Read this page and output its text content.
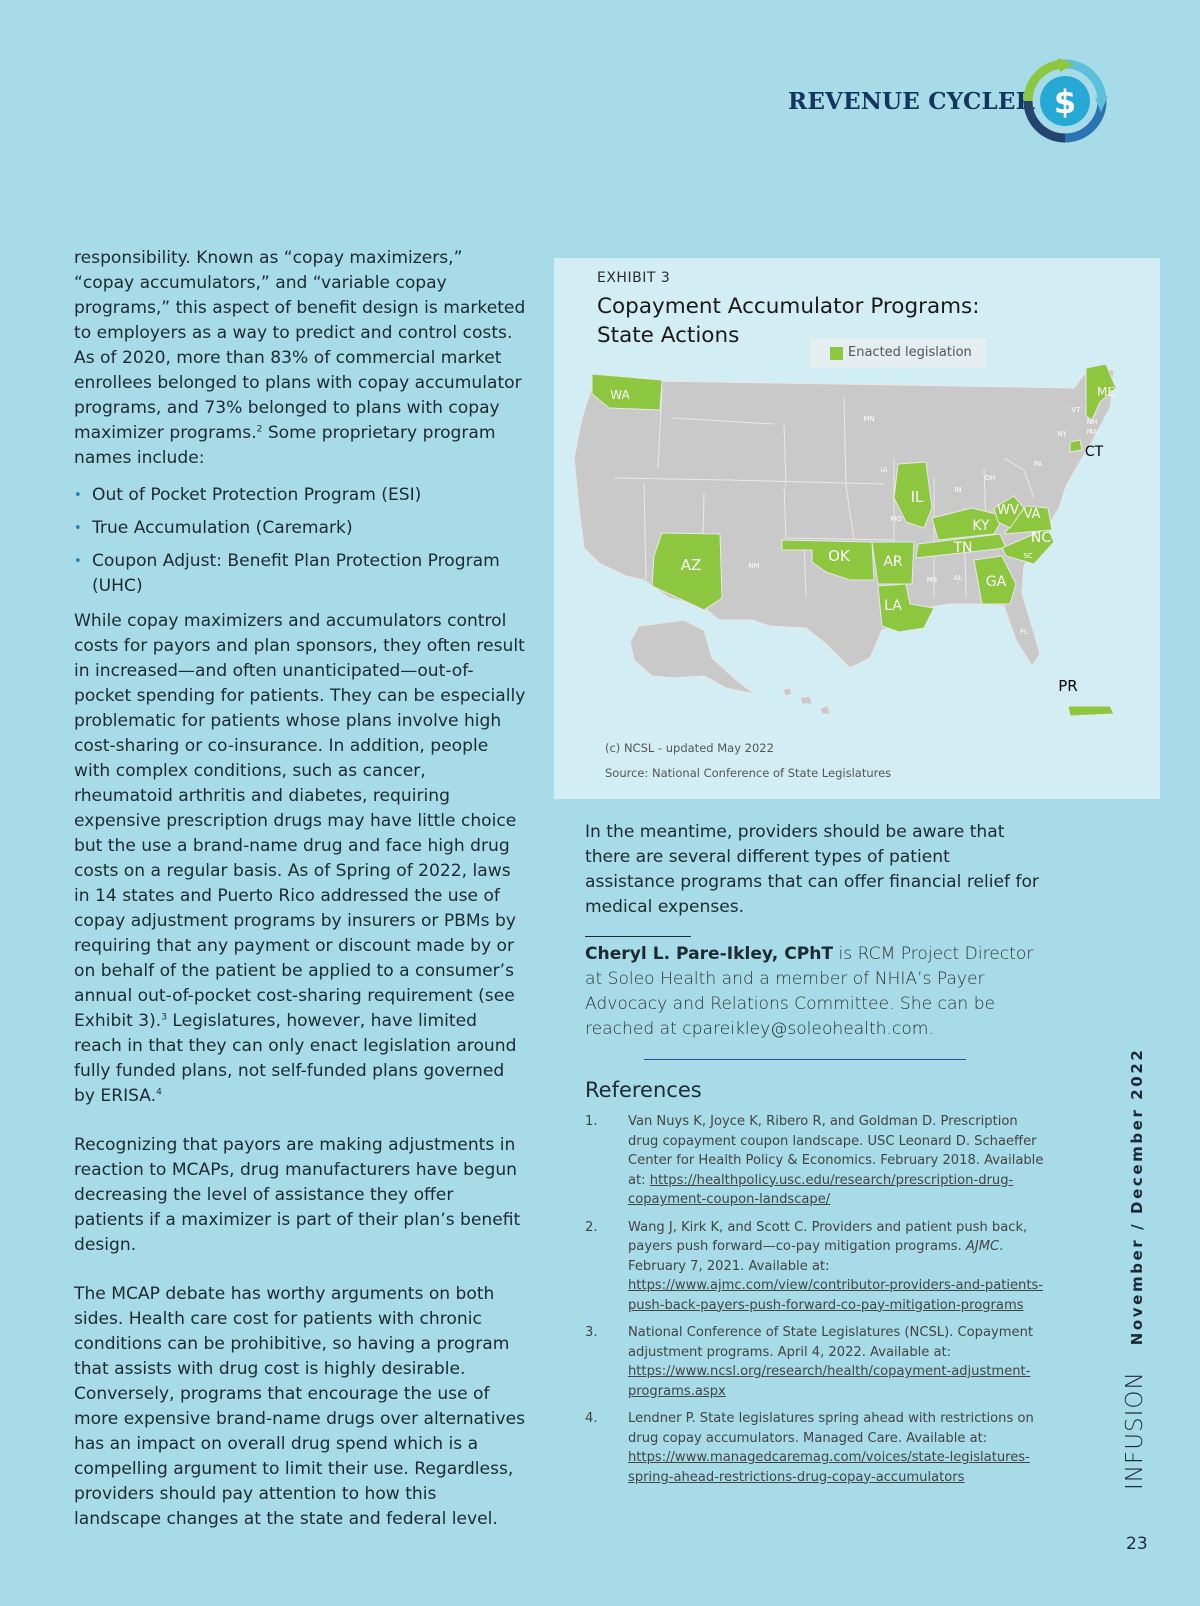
REVENUE CYCLER $

responsibility. Known as “copay maximizers,” “copay accumulators,” and “variable copay programs,” this aspect of benefit design is marketed to employers as a way to predict and control costs. As of 2020, more than 83% of commercial market enrollees belonged to plans with copay accumulator programs, and 73% belonged to plans with copay maximizer programs.$^2$ Some proprietary program names include:

• Out of Pocket Protection Program (ESI)
• True Accumulation (Caremark)
• Coupon Adjust: Benefit Plan Protection Program (UHC)

While copay maximizers and accumulators control costs for payors and plan sponsors, they often result in increased—and often unanticipated—out-of-pocket spending for patients. They can be especially problematic for patients whose plans involve high cost-sharing or co-insurance. In addition, people with complex conditions, such as cancer, rheumatoid arthritis and diabetes, requiring expensive prescription drugs may have little choice but the use a brand-name drug and face high drug costs on a regular basis. As of Spring of 2022, laws in 14 states and Puerto Rico addressed the use of copay adjustment programs by insurers or PBMs by requiring that any payment or discount made by or on behalf of the patient be applied to a consumer’s annual out-of-pocket cost-sharing requirement (see Exhibit 3).$^3$ Legislatures, however, have limited reach in that they can only enact legislation around fully funded plans, not self-funded plans governed by ERISA.$^4$

Recognizing that payors are making adjustments in reaction to MCAPs, drug manufacturers have begun decreasing the level of assistance they offer patients if a maximizer is part of their plan’s benefit design.

The MCAP debate has worthy arguments on both sides. Health care cost for patients with chronic conditions can be prohibitive, so having a program that assists with drug cost is highly desirable. Conversely, programs that encourage the use of more expensive brand-name drugs over alternatives has an impact on overall drug spend which is a compelling argument to limit their use. Regardless, providers should pay attention to how this landscape changes at the state and federal level.

EXHIBIT 3
Copayment Accumulator Programs: State Actions
Enacted legislation
WA
AZ	OK AR
LA
IL
KY
TN
GA
NC
VA
WV
ME
CT
PR
MN
IA
MO
NM
IN
OH
PA
NY
VT
NH
MA
MS AL
SC
FL
(c) NCSL - updated May 2022
Source: National Conference of State Legislatures
In the meantime, providers should be aware that there are several different types of patient assistance programs that can offer financial relief for medical expenses.
Cheryl L. Pare-Ikley, CPhT is RCM Project Director at Soleo Health and a member of NHIA’s Payer Advocacy and Relations Committee. She can be reached at cpareikley@soleohealth.com.
References
1. Van Nuys K, Joyce K, Ribero R, and Goldman D. Prescription drug copayment coupon landscape. USC Leonard D. Schaeffer Center for Health Policy & Economics. February 2018. Available at: https://healthpolicy.usc.edu/research/prescription-drug-copayment-coupon-landscape/
2. Wang J, Kirk K, and Scott C. Providers and patient push back, payers push forward—co-pay mitigation programs. AJMC. February 7, 2021. Available at: https://www.ajmc.com/view/contributor-providers-and-patients-push-back-payers-push-forward-co-pay-mitigation-programs
3. National Conference of State Legislatures (NCSL). Copayment adjustment programs. April 4, 2022. Available at: https://www.ncsl.org/research/health/copayment-adjustment-programs.aspx
4. Lendner P. State legislatures spring ahead with restrictions on drug copay accumulators. Managed Care. Available at: https://www.managedcaremag.com/voices/state-legislatures-spring-ahead-restrictions-drug-copay-accumulators	INFUSIONNovember / December 2022
23
